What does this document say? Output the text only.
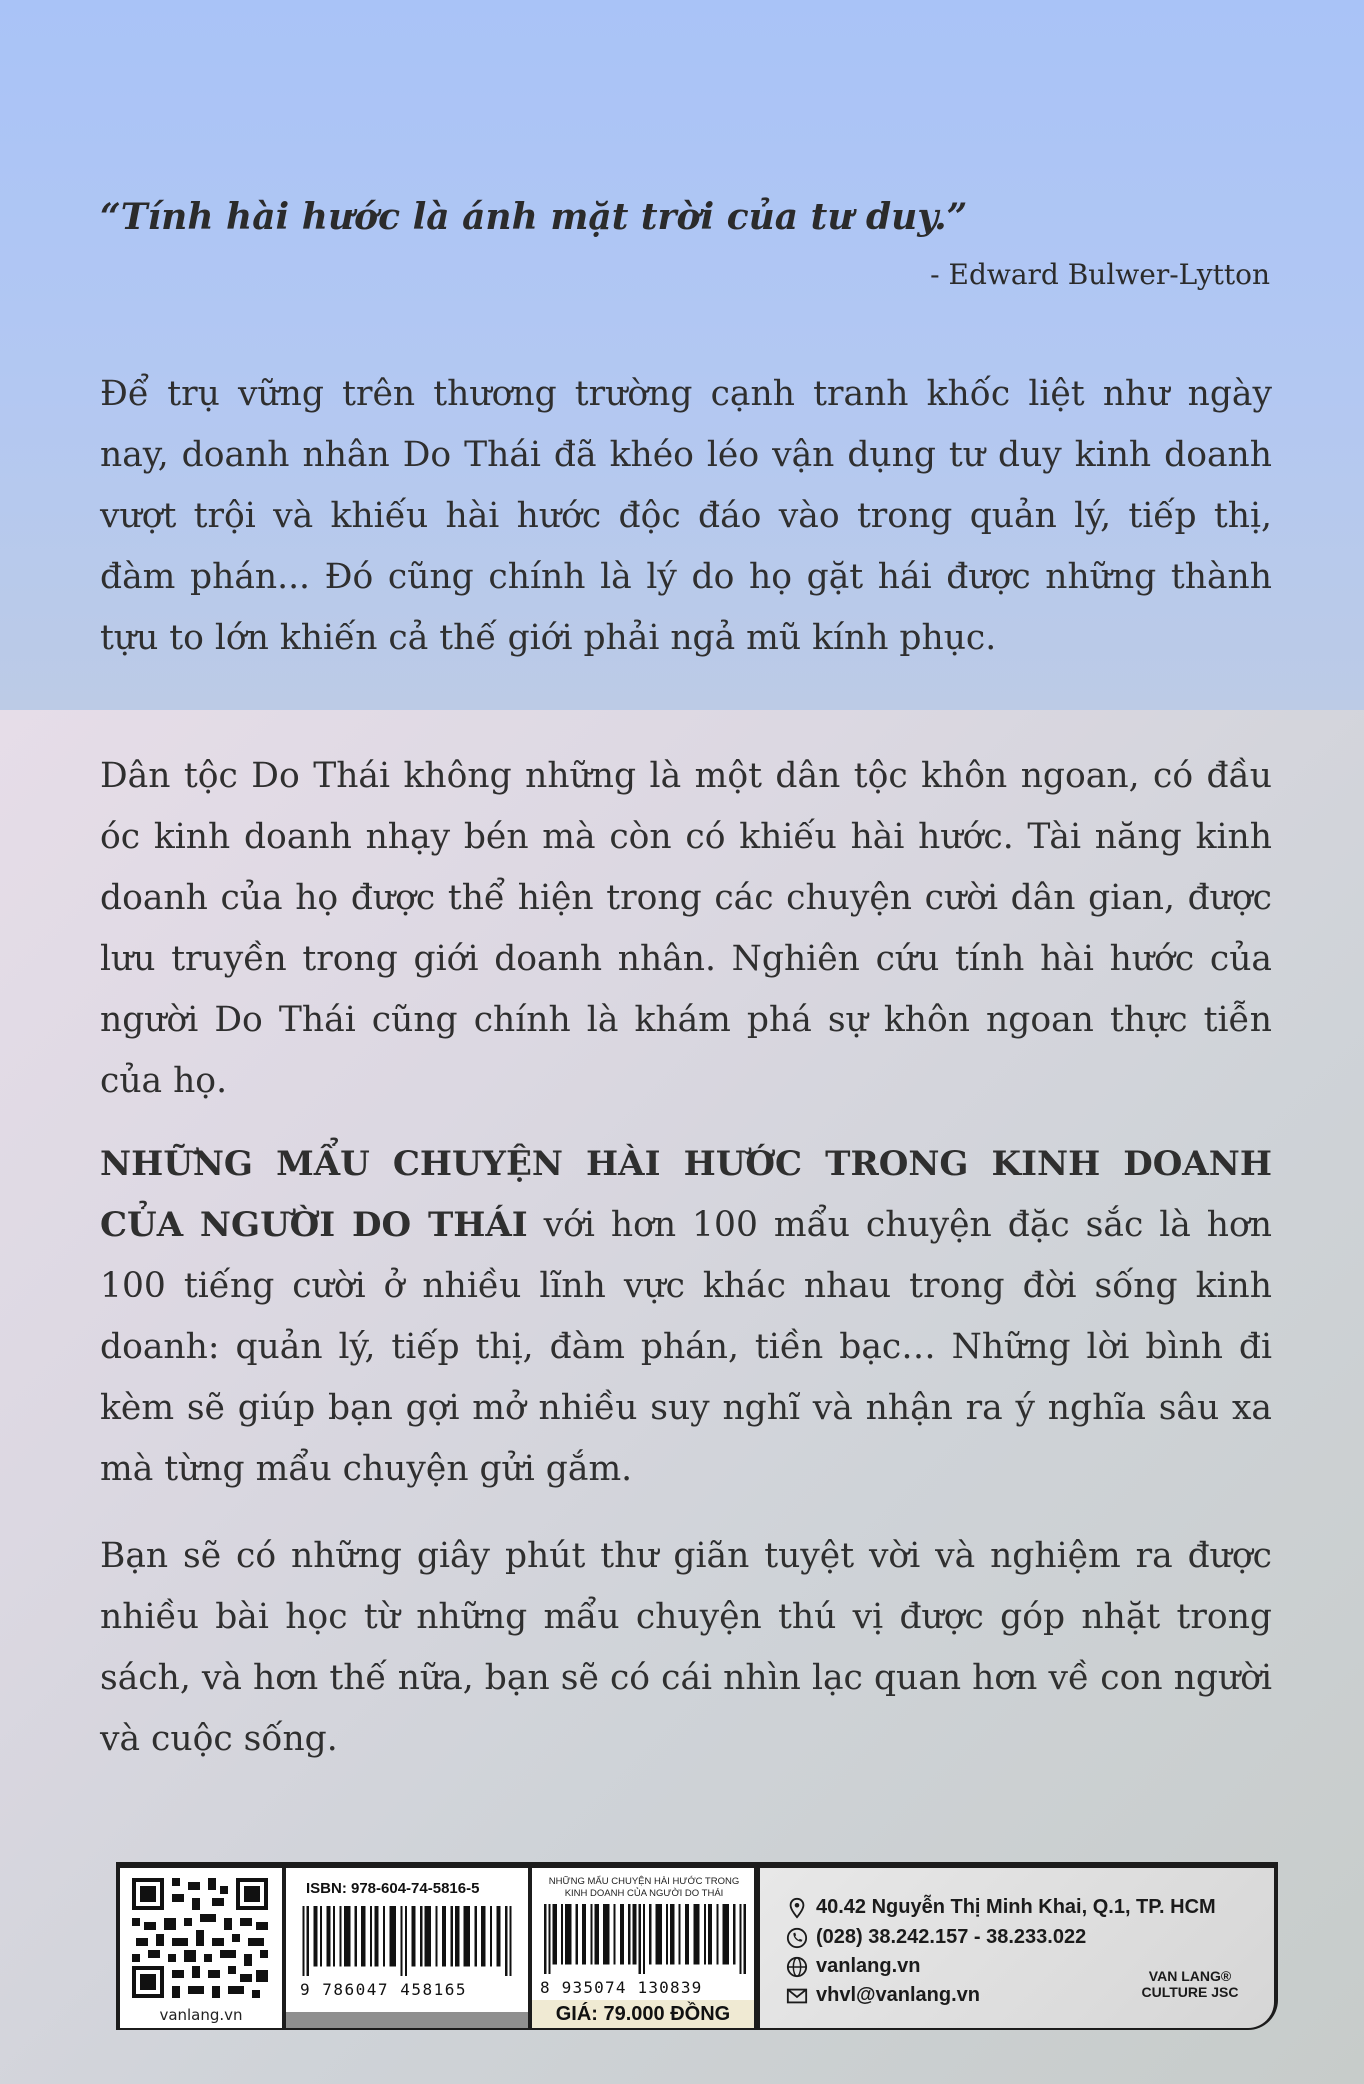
“Tính hài hước là ánh mặt trời của tư duy.”

- Edward Bulwer-Lytton

Để trụ vững trên thương trường cạnh tranh khốc liệt như ngày nay, doanh nhân Do Thái đã khéo léo vận dụng tư duy kinh doanh vượt trội và khiếu hài hước độc đáo vào trong quản lý, tiếp thị, đàm phán... Đó cũng chính là lý do họ gặt hái được những thành tựu to lớn khiến cả thế giới phải ngả mũ kính phục.

Dân tộc Do Thái không những là một dân tộc khôn ngoan, có đầu óc kinh doanh nhạy bén mà còn có khiếu hài hước. Tài năng kinh doanh của họ được thể hiện trong các chuyện cười dân gian, được lưu truyền trong giới doanh nhân. Nghiên cứu tính hài hước của người Do Thái cũng chính là khám phá sự khôn ngoan thực tiễn của họ.

NHỮNG MẨU CHUYỆN HÀI HƯỚC TRONG KINH DOANH CỦA NGƯỜI DO THÁI với hơn 100 mẩu chuyện đặc sắc là hơn 100 tiếng cười ở nhiều lĩnh vực khác nhau trong đời sống kinh doanh: quản lý, tiếp thị, đàm phán, tiền bạc… Những lời bình đi kèm sẽ giúp bạn gợi mở nhiều suy nghĩ và nhận ra ý nghĩa sâu xa mà từng mẩu chuyện gửi gắm.

Bạn sẽ có những giây phút thư giãn tuyệt vời và nghiệm ra được nhiều bài học từ những mẩu chuyện thú vị được góp nhặt trong sách, và hơn thế nữa, bạn sẽ có cái nhìn lạc quan hơn về con người và cuộc sống.

vanlang.vn
ISBN: 978-604-74-5816-5
9 786047 458165
NHỮNG MẨU CHUYỆN HÀI HƯỚC TRONG KINH DOANH CỦA NGƯỜI DO THÁI
8 935074 130839
GIÁ: 79.000 ĐỒNG
40.42 Nguyễn Thị Minh Khai, Q.1, TP. HCM
(028) 38.242.157 - 38.233.022
vanlang.vn
vhvl@vanlang.vn
VAN LANG®
CULTURE JSC
